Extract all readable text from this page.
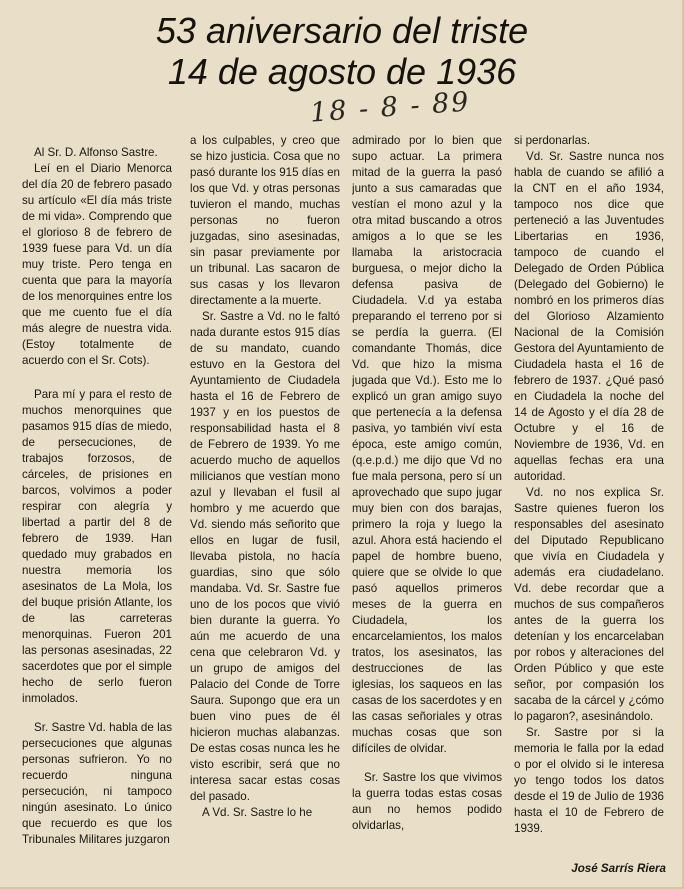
53 aniversario del triste
14 de agosto de 1936
18 - 8 - 89

Al Sr. D. Alfonso Sastre.

Leí en el Diario Menorca del día 20 de febrero pasado su artículo «El día más triste de mi vida». Comprendo que el glorioso 8 de febrero de 1939 fuese para Vd. un día muy triste. Pero tenga en cuenta que para la mayoría de los menorquines entre los que me cuento fue el día más alegre de nuestra vida. (Estoy totalmente de acuerdo con el Sr. Cots).

Para mí y para el resto de muchos menorquines que pasamos 915 días de miedo, de persecuciones, de trabajos forzosos, de cárceles, de prisiones en barcos, volvimos a poder respirar con alegría y libertad a partir del 8 de febrero de 1939. Han quedado muy grabados en nuestra memoria los asesinatos de La Mola, los del buque prisión Atlante, los de las carreteras menorquinas. Fueron 201 las personas asesinadas, 22 sacerdotes que por el simple hecho de serlo fueron inmolados.

Sr. Sastre Vd. habla de las persecuciones que algunas personas sufrieron. Yo no recuerdo ninguna persecución, ni tampoco ningún asesinato. Lo único que recuerdo es que los Tribunales Militares juzgaron

a los culpables, y creo que se hizo justicia. Cosa que no pasó durante los 915 días en los que Vd. y otras personas tuvieron el mando, muchas personas no fueron juzgadas, sino asesinadas, sin pasar previamente por un tribunal. Las sacaron de sus casas y los llevaron directamente a la muerte.

Sr. Sastre a Vd. no le faltó nada durante estos 915 días de su mandato, cuando estuvo en la Gestora del Ayuntamiento de Ciudadela hasta el 16 de Febrero de 1937 y en los puestos de responsabilidad hasta el 8 de Febrero de 1939. Yo me acuerdo mucho de aquellos milicianos que vestían mono azul y llevaban el fusil al hombro y me acuerdo que Vd. siendo más señorito que ellos en lugar de fusil, llevaba pistola, no hacía guardias, sino que sólo mandaba. Vd. Sr. Sastre fue uno de los pocos que vivió bien durante la guerra. Yo aún me acuerdo de una cena que celebraron Vd. y un grupo de amigos del Palacio del Conde de Torre Saura. Supongo que era un buen vino pues de él hicieron muchas alabanzas. De estas cosas nunca les he visto escribir, será que no interesa sacar estas cosas del pasado.

A Vd. Sr. Sastre lo he

admirado por lo bien que supo actuar. La primera mitad de la guerra la pasó junto a sus camaradas que vestían el mono azul y la otra mitad buscando a otros amigos a lo que se les llamaba la aristocracia burguesa, o mejor dicho la defensa pasiva de Ciudadela. V.d ya estaba preparando el terreno por si se perdía la guerra. (El comandante Thomás, dice Vd. que hizo la misma jugada que Vd.). Esto me lo explicó un gran amigo suyo que pertenecía a la defensa pasiva, yo también viví esta época, este amigo común, (q.e.p.d.) me dijo que Vd no fue mala persona, pero sí un aprovechado que supo jugar muy bien con dos barajas, primero la roja y luego la azul. Ahora está haciendo el papel de hombre bueno, quiere que se olvide lo que pasó aquellos primeros meses de la guerra en Ciudadela, los encarcelamientos, los malos tratos, los asesinatos, las destrucciones de las iglesias, los saqueos en las casas de los sacerdotes y en las casas señoriales y otras muchas cosas que son difíciles de olvidar.

Sr. Sastre los que vivimos la guerra todas estas cosas aun no hemos podido olvidarlas,

si perdonarlas.

Vd. Sr. Sastre nunca nos habla de cuando se afilió a la CNT en el año 1934, tampoco nos dice que perteneció a las Juventudes Libertarias en 1936, tampoco de cuando el Delegado de Orden Pública (Delegado del Gobierno) le nombró en los primeros días del Glorioso Alzamiento Nacional de la Comisión Gestora del Ayuntamiento de Ciudadela hasta el 16 de febrero de 1937. ¿Qué pasó en Ciudadela la noche del 14 de Agosto y el día 28 de Octubre y el 16 de Noviembre de 1936, Vd. en aquellas fechas era una autoridad.

Vd. no nos explica Sr. Sastre quienes fueron los responsables del asesinato del Diputado Republicano que vivía en Ciudadela y además era ciudadelano. Vd. debe recordar que a muchos de sus compañeros antes de la guerra los detenían y los encarcelaban por robos y alteraciones del Orden Público y que este señor, por compasión los sacaba de la cárcel y ¿cómo lo pagaron?, asesinándolo.

Sr. Sastre por si la memoria le falla por la edad o por el olvido si le interesa yo tengo todos los datos desde el 19 de Julio de 1936 hasta el 10 de Febrero de 1939.

José Sarrís Riera
